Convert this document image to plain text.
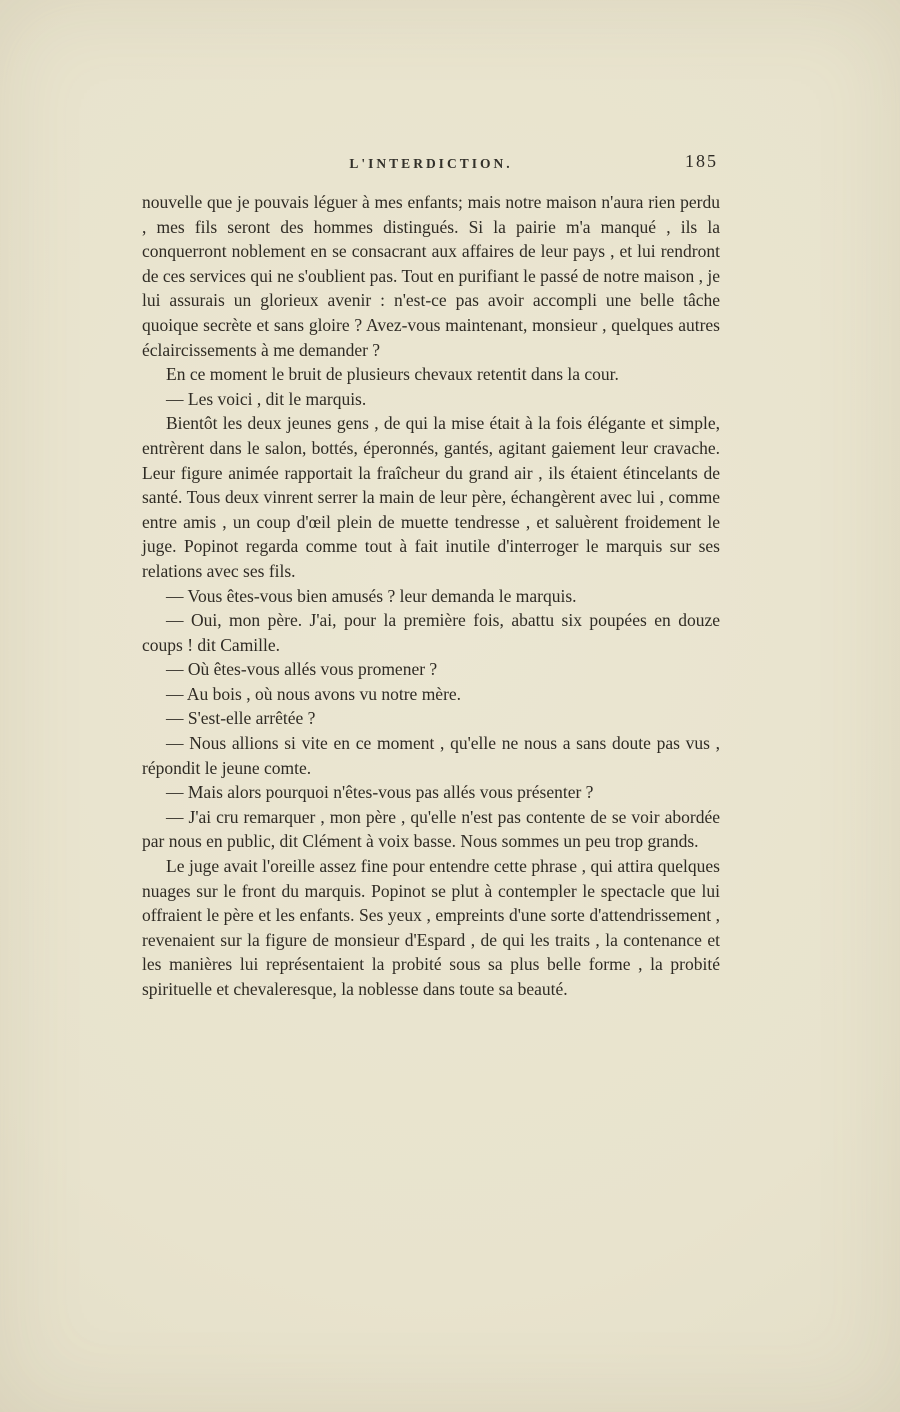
L'INTERDICTION.	185

nouvelle que je pouvais léguer à mes enfants; mais notre maison n'aura rien perdu , mes fils seront des hommes distingués. Si la pairie m'a manqué , ils la conquerront noblement en se consacrant aux affaires de leur pays , et lui rendront de ces services qui ne s'oublient pas. Tout en purifiant le passé de notre maison , je lui assurais un glorieux avenir : n'est-ce pas avoir accompli une belle tâche quoique secrète et sans gloire ? Avez-vous maintenant, monsieur , quelques autres éclaircissements à me demander ?

En ce moment le bruit de plusieurs chevaux retentit dans la cour.

— Les voici , dit le marquis.

Bientôt les deux jeunes gens , de qui la mise était à la fois élégante et simple, entrèrent dans le salon, bottés, éperonnés, gantés, agitant gaiement leur cravache. Leur figure animée rapportait la fraîcheur du grand air , ils étaient étincelants de santé. Tous deux vinrent serrer la main de leur père, échangèrent avec lui , comme entre amis , un coup d'œil plein de muette tendresse , et saluèrent froidement le juge. Popinot regarda comme tout à fait inutile d'interroger le marquis sur ses relations avec ses fils.

— Vous êtes-vous bien amusés ? leur demanda le marquis.

— Oui, mon père. J'ai, pour la première fois, abattu six poupées en douze coups ! dit Camille.

— Où êtes-vous allés vous promener ?

— Au bois , où nous avons vu notre mère.

— S'est-elle arrêtée ?

— Nous allions si vite en ce moment , qu'elle ne nous a sans doute pas vus , répondit le jeune comte.

— Mais alors pourquoi n'êtes-vous pas allés vous présenter ?

— J'ai cru remarquer , mon père , qu'elle n'est pas contente de se voir abordée par nous en public, dit Clément à voix basse. Nous sommes un peu trop grands.

Le juge avait l'oreille assez fine pour entendre cette phrase , qui attira quelques nuages sur le front du marquis. Popinot se plut à contempler le spectacle que lui offraient le père et les enfants. Ses yeux , empreints d'une sorte d'attendrissement , revenaient sur la figure de monsieur d'Espard , de qui les traits , la contenance et les manières lui représentaient la probité sous sa plus belle forme , la probité spirituelle et chevaleresque, la noblesse dans toute sa beauté.
